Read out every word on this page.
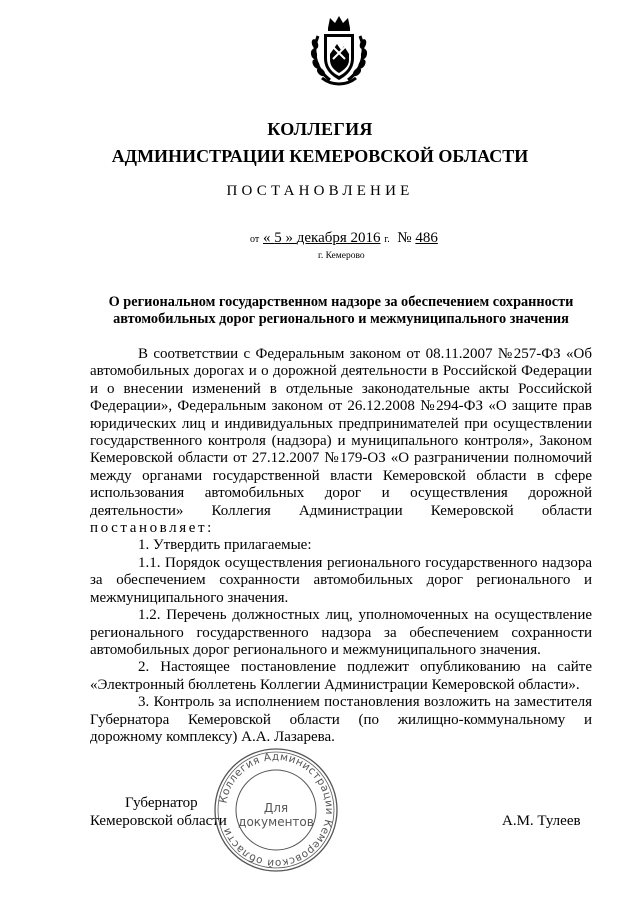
КОЛЛЕГИЯ
АДМИНИСТРАЦИИ КЕМЕРОВСКОЙ ОБЛАСТИ
ПОСТАНОВЛЕНИЕ
от « 5 » декабря 2016 г. № 486
г. Кемерово
О региональном государственном надзоре за обеспечением сохранности автомобильных дорог регионального и межмуниципального значения

В соответствии с Федеральным законом от 08.11.2007 №257-ФЗ «Об автомобильных дорогах и о дорожной деятельности в Российской Федерации и о внесении изменений в отдельные законодательные акты Российской Федерации», Федеральным законом от 26.12.2008 №294-ФЗ «О защите прав юридических лиц и индивидуальных предпринимателей при осуществлении государственного контроля (надзора) и муниципального контроля», Законом Кемеровской области от 27.12.2007 №179-ОЗ «О разграничении полномочий между органами государственной власти Кемеровской области в сфере использования автомобильных дорог и осуществления дорожной деятельности» Коллегия Администрации Кемеровской области постановляет:

1. Утвердить прилагаемые:

1.1. Порядок осуществления регионального государственного надзора за обеспечением сохранности автомобильных дорог регионального и межмуниципального значения.

1.2. Перечень должностных лиц, уполномоченных на осуществление регионального государственного надзора за обеспечением сохранности автомобильных дорог регионального и межмуниципального значения.

2. Настоящее постановление подлежит опубликованию на сайте «Электронный бюллетень Коллегии Администрации Кемеровской области».

3. Контроль за исполнением постановления возложить на заместителя Губернатора Кемеровской области (по жилищно-коммунальному и дорожному комплексу) А.А. Лазарева.

Губернатор
Кемеровской области	А.М. Тулеев
Коллегия Администрации Кемеровской области
Для
документов
